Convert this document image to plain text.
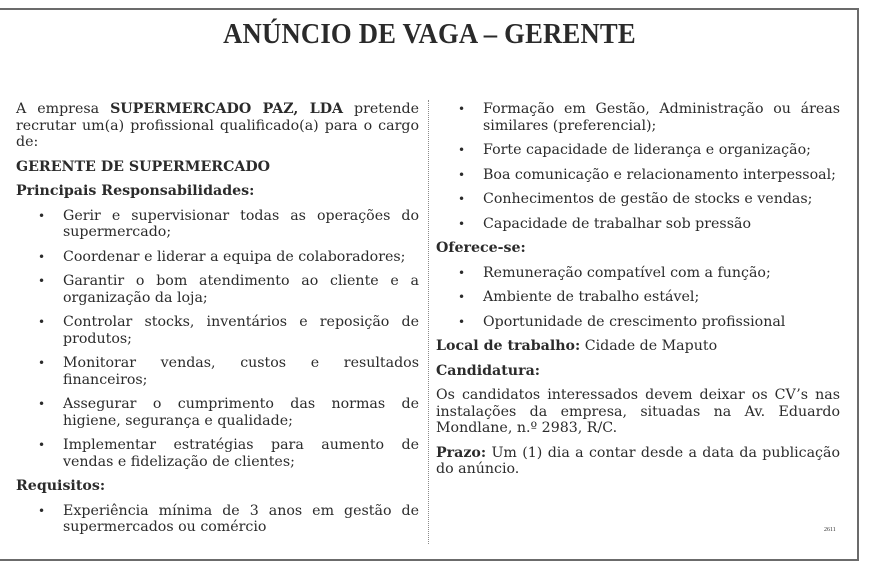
ANÚNCIO DE VAGA – GERENTE

A empresa SUPERMERCADO PAZ, LDA pretende recrutar um(a) profissional qualificado(a) para o cargo de:

GERENTE DE SUPERMERCADO
Principais Responsabilidades:
• Gerir e supervisionar todas as operações do supermercado;
• Coordenar e liderar a equipa de colaboradores;
• Garantir o bom atendimento ao cliente e a organização da loja;
• Controlar stocks, inventários e reposição de produtos;
• Monitorar vendas, custos e resultados financeiros;
• Assegurar o cumprimento das normas de higiene, segurança e qualidade;
• Implementar estratégias para aumento de vendas e fidelização de clientes;
Requisitos:
• Experiência mínima de 3 anos em gestão de supermercados ou comércio
• Formação em Gestão, Administração ou áreas similares (preferencial);
• Forte capacidade de liderança e organização;
• Boa comunicação e relacionamento interpessoal;
• Conhecimentos de gestão de stocks e vendas;
• Capacidade de trabalhar sob pressão
Oferece-se:
• Remuneração compatível com a função;
• Ambiente de trabalho estável;
• Oportunidade de crescimento profissional

Local de trabalho: Cidade de Maputo

Candidatura:

Os candidatos interessados devem deixar os CV’s nas instalações da empresa, situadas na Av. Eduardo Mondlane, n.º 2983, R/C.

Prazo: Um (1) dia a contar desde a data da publicação do anúncio.

2611
